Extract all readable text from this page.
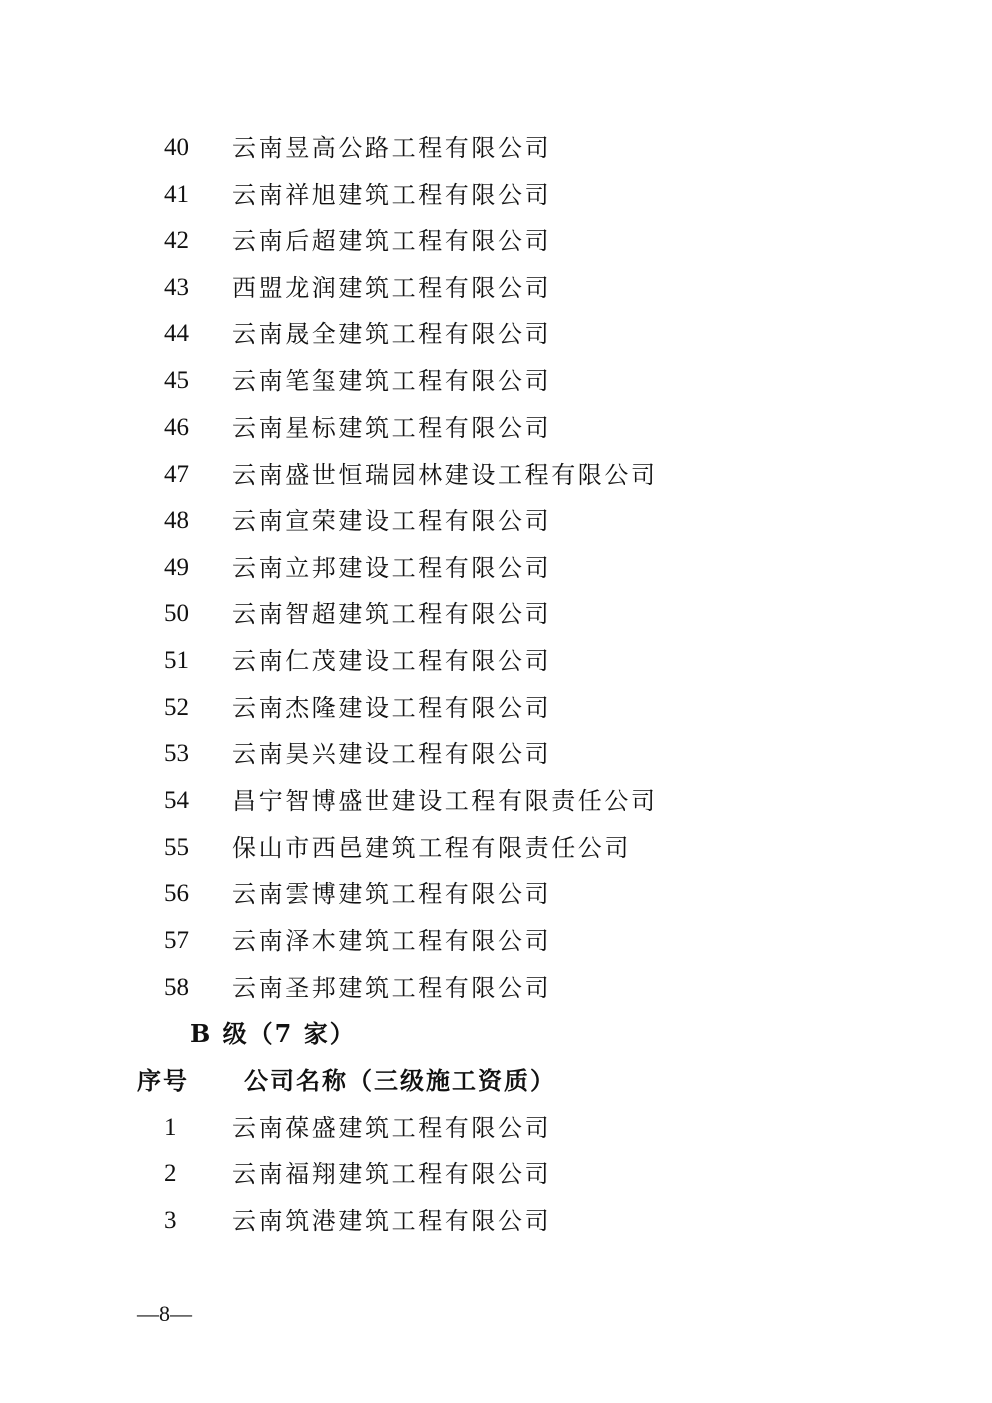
40 云南昱高公路工程有限公司
41 云南祥旭建筑工程有限公司
42 云南后超建筑工程有限公司
43 西盟龙润建筑工程有限公司
44 云南晟全建筑工程有限公司
45 云南笔玺建筑工程有限公司
46 云南星标建筑工程有限公司
47 云南盛世恒瑞园林建设工程有限公司
48 云南宣荣建设工程有限公司
49 云南立邦建设工程有限公司
50 云南智超建筑工程有限公司
51 云南仁茂建设工程有限公司
52 云南杰隆建设工程有限公司
53 云南昊兴建设工程有限公司
54 昌宁智博盛世建设工程有限责任公司
55 保山市西邑建筑工程有限责任公司
56 云南雲博建筑工程有限公司
57 云南泽木建筑工程有限公司
58 云南圣邦建筑工程有限公司
B 级（7 家）
序号 公司名称（三级施工资质）
1 云南葆盛建筑工程有限公司
2 云南福翔建筑工程有限公司
3 云南筑港建筑工程有限公司
—8—
